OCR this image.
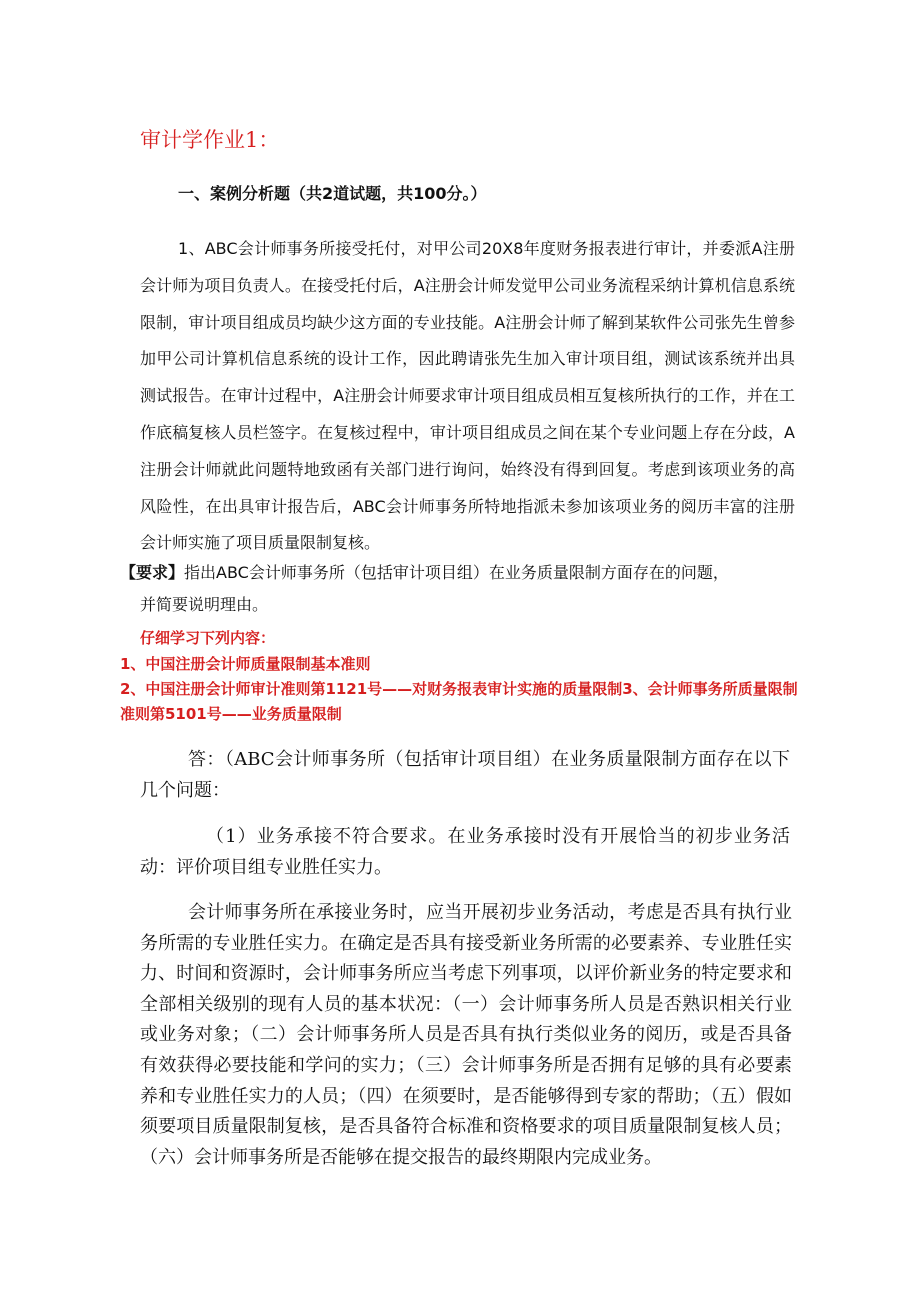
审计学作业1：
一、案例分析题（共2道试题，共100分。）

1、ABC会计师事务所接受托付，对甲公司20X8年度财务报表进行审计，并委派A注册会计师为项目负责人。在接受托付后，A注册会计师发觉甲公司业务流程采纳计算机信息系统限制，审计项目组成员均缺少这方面的专业技能。A注册会计师了解到某软件公司张先生曾参加甲公司计算机信息系统的设计工作，因此聘请张先生加入审计项目组，测试该系统并出具测试报告。在审计过程中，A注册会计师要求审计项目组成员相互复核所执行的工作，并在工作底稿复核人员栏签字。在复核过程中，审计项目组成员之间在某个专业问题上存在分歧，A注册会计师就此问题特地致函有关部门进行询问，始终没有得到回复。考虑到该项业务的高风险性，在出具审计报告后，ABC会计师事务所特地指派未参加该项业务的阅历丰富的注册会计师实施了项目质量限制复核。

【要求】指出ABC会计师事务所（包括审计项目组）在业务质量限制方面存在的问题，
并简要说明理由。
仔细学习下列内容：
1、中国注册会计师质量限制基本准则
2、中国注册会计师审计准则第1121号——对财务报表审计实施的质量限制3、会计师事务所质量限制准则第5101号——业务质量限制

答：（ABC会计师事务所（包括审计项目组）在业务质量限制方面存在以下几个问题：

（1）业务承接不符合要求。在业务承接时没有开展恰当的初步业务活动：评价项目组专业胜任实力。

会计师事务所在承接业务时，应当开展初步业务活动，考虑是否具有执行业务所需的专业胜任实力。在确定是否具有接受新业务所需的必要素养、专业胜任实力、时间和资源时，会计师事务所应当考虑下列事项，以评价新业务的特定要求和全部相关级别的现有人员的基本状况：（一）会计师事务所人员是否熟识相关行业或业务对象；（二）会计师事务所人员是否具有执行类似业务的阅历，或是否具备有效获得必要技能和学问的实力；（三）会计师事务所是否拥有足够的具有必要素养和专业胜任实力的人员；（四）在须要时，是否能够得到专家的帮助；（五）假如须要项目质量限制复核，是否具备符合标准和资格要求的项目质量限制复核人员；（六）会计师事务所是否能够在提交报告的最终期限内完成业务。
